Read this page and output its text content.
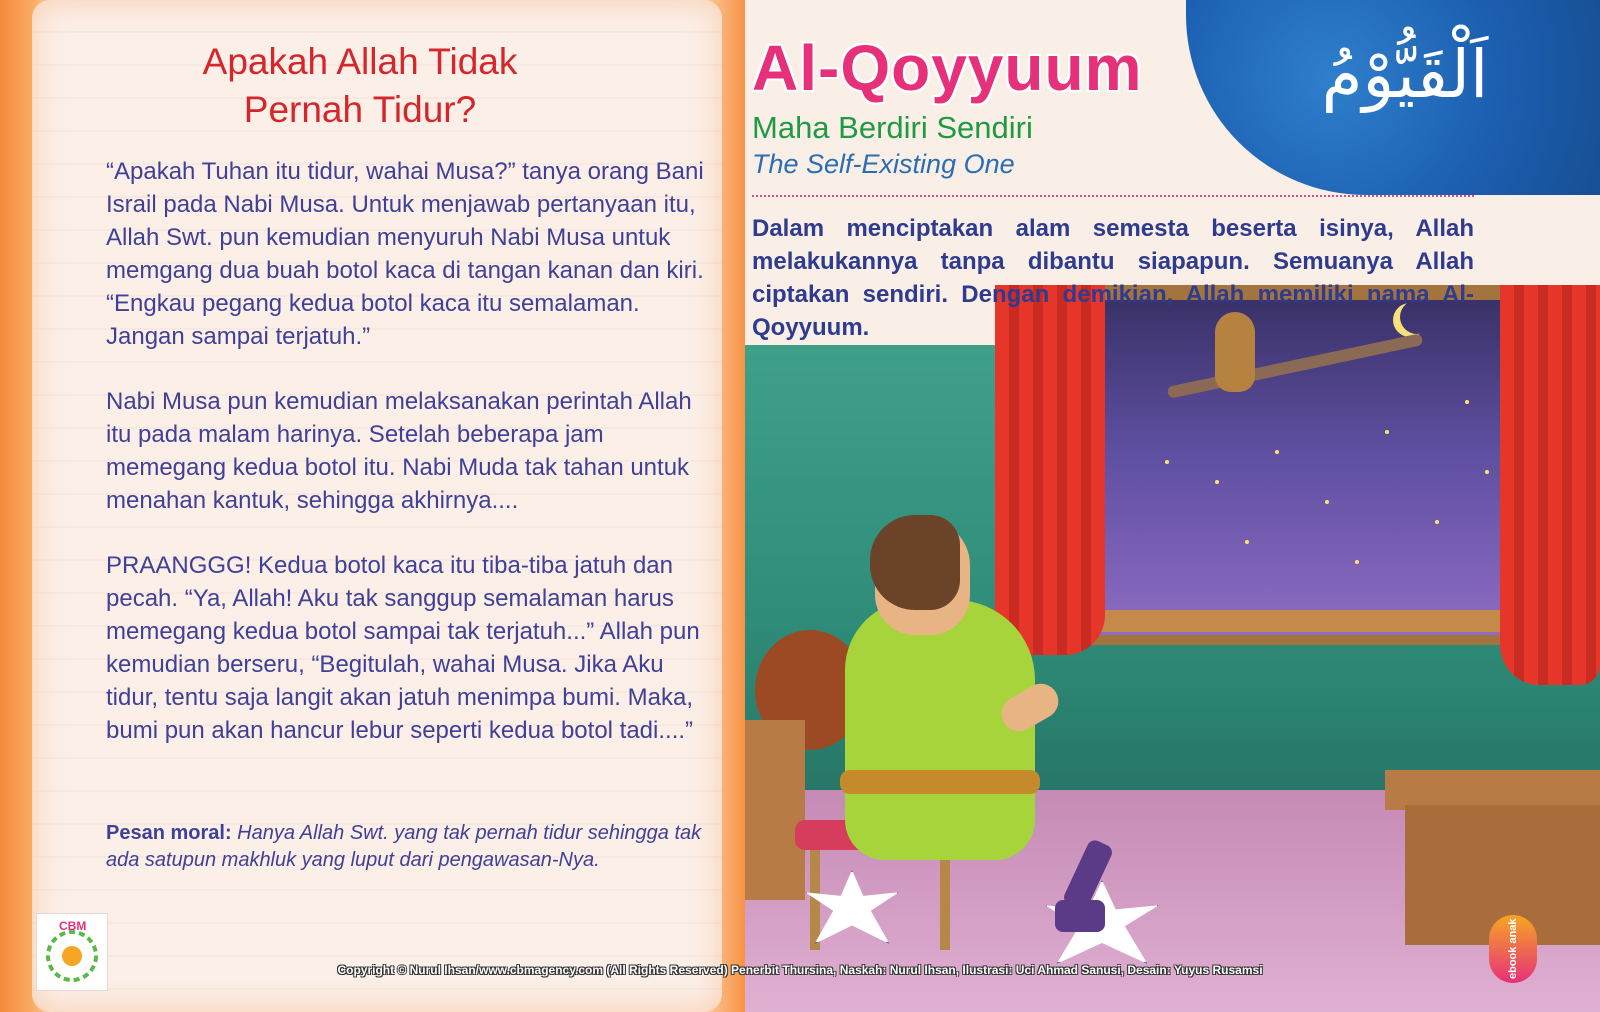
Apakah Allah Tidak Pernah Tidur?

“Apakah Tuhan itu tidur, wahai Musa?” tanya orang Bani Israil pada Nabi Musa. Untuk menjawab pertanyaan itu, Allah Swt. pun kemudian menyuruh Nabi Musa untuk memgang dua buah botol kaca di tangan kanan dan kiri. “Engkau pegang kedua botol kaca itu semalaman. Jangan sampai terjatuh.”

Nabi Musa pun kemudian melaksanakan perintah Allah itu pada malam harinya. Setelah beberapa jam memegang kedua botol itu. Nabi Muda tak tahan untuk menahan kantuk, sehingga akhirnya....

PRAANGGG! Kedua botol kaca itu tiba-tiba jatuh dan pecah. “Ya, Allah! Aku tak sanggup semalaman harus memegang kedua botol sampai tak terjatuh...” Allah pun kemudian berseru, “Begitulah, wahai Musa. Jika Aku tidur, tentu saja langit akan jatuh menimpa bumi. Maka, bumi pun akan hancur lebur seperti kedua botol tadi....”

Pesan moral: Hanya Allah Swt. yang tak pernah tidur sehingga tak ada satupun makhluk yang luput dari pengawasan-Nya.

CBM
اَلْقَيُّوْمُ
Al-Qoyyuum
Maha Berdiri Sendiri
The Self-Existing One

Dalam menciptakan alam semesta beserta isinya, Allah melakukannya tanpa dibantu siapapun. Semuanya Allah ciptakan sendiri. Dengan demikian, Allah memiliki nama Al-Qoyyuum.

ebook anak
Copyright © Nurul Ihsan/www.cbmagency.com (All Rights Reserved) Penerbit Thursina, Naskah: Nurul Ihsan, Ilustrasi: Uci Ahmad Sanusi, Desain: Yuyus Rusamsi
